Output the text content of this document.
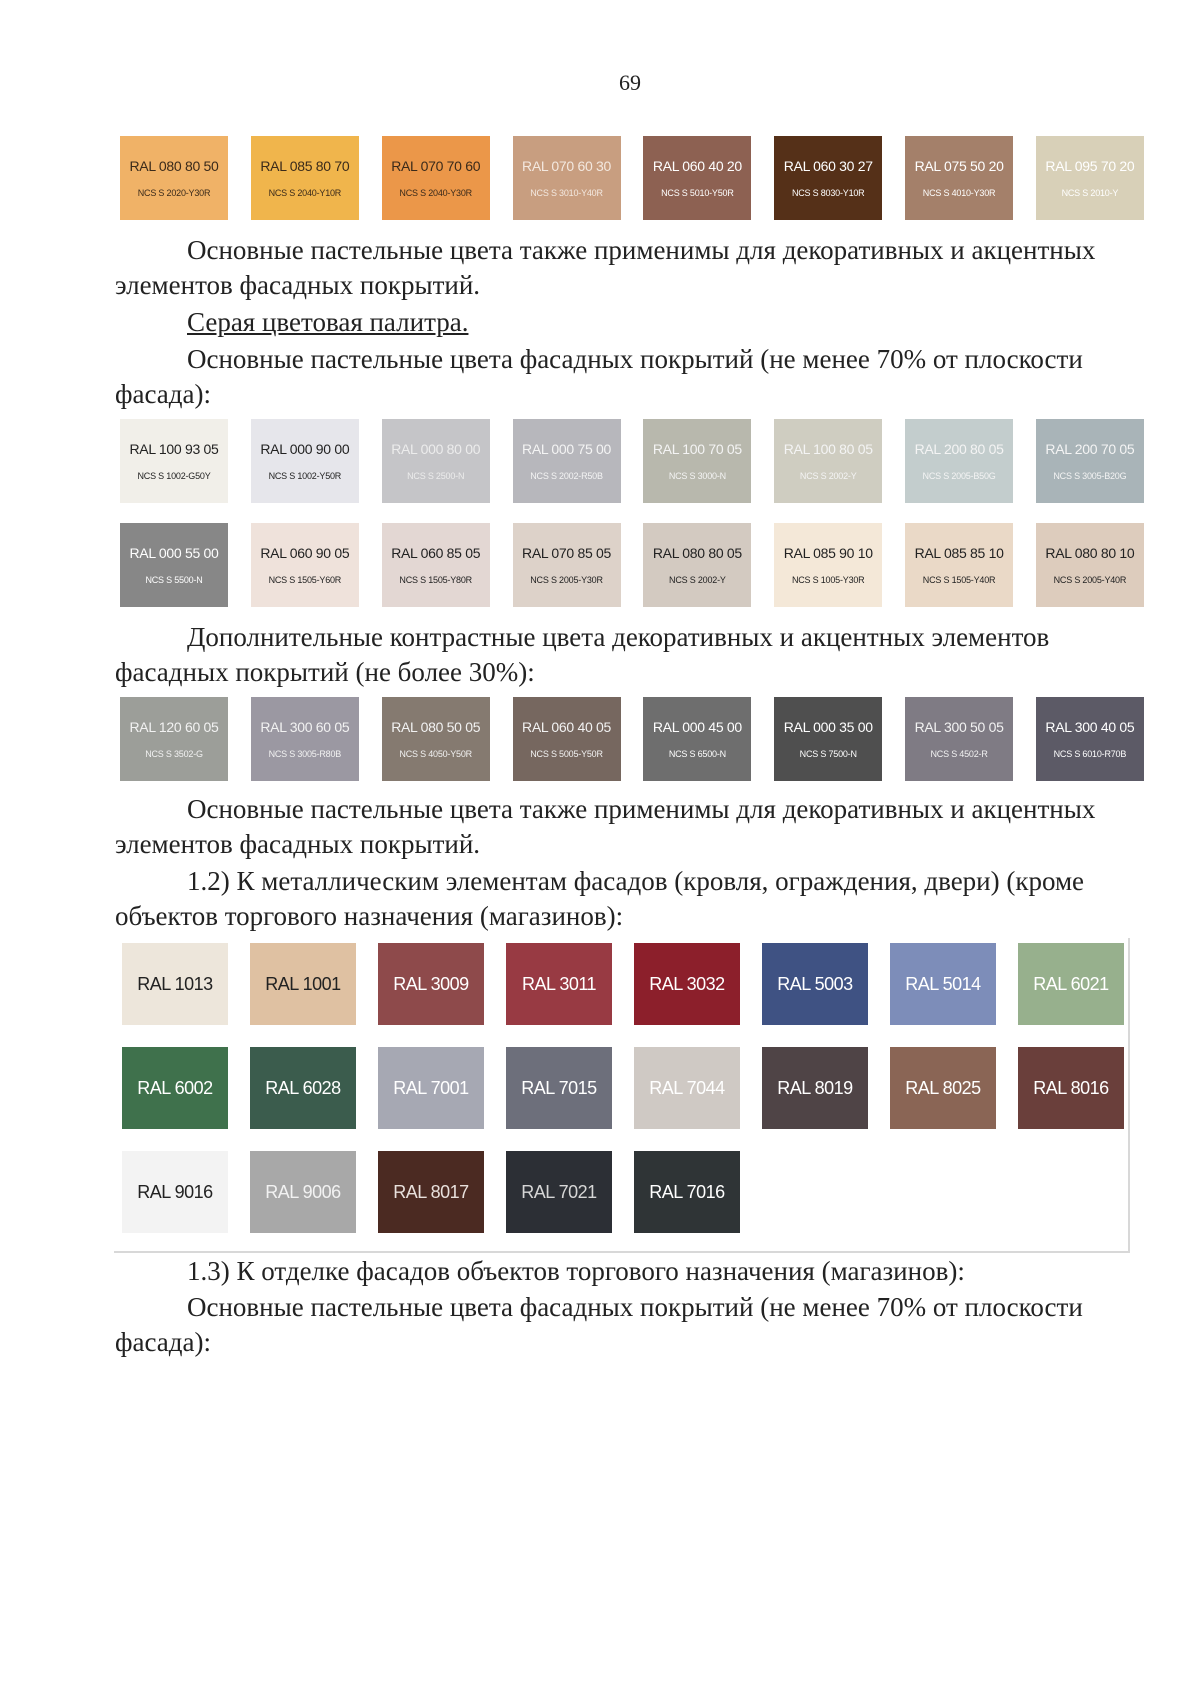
69
RAL 080 80 50
NCS S 2020-Y30R
RAL 085 80 70
NCS S 2040-Y10R
RAL 070 70 60
NCS S 2040-Y30R
RAL 070 60 30
NCS S 3010-Y40R
RAL 060 40 20
NCS S 5010-Y50R
RAL 060 30 27
NCS S 8030-Y10R
RAL 075 50 20
NCS S 4010-Y30R
RAL 095 70 20
NCS S 2010-Y

Основные пастельные цвета также применимы для декоративных и акцентных элементов фасадных покрытий.

Серая цветовая палитра.

Основные пастельные цвета фасадных покрытий (не менее 70% от плоскости фасада):

RAL 100 93 05
NCS S 1002-G50Y
RAL 000 90 00
NCS S 1002-Y50R
RAL 000 80 00
NCS S 2500-N
RAL 000 75 00
NCS S 2002-R50B
RAL 100 70 05
NCS S 3000-N
RAL 100 80 05
NCS S 2002-Y
RAL 200 80 05
NCS S 2005-B50G
RAL 200 70 05
NCS S 3005-B20G
RAL 000 55 00
NCS S 5500-N
RAL 060 90 05
NCS S 1505-Y60R
RAL 060 85 05
NCS S 1505-Y80R
RAL 070 85 05
NCS S 2005-Y30R
RAL 080 80 05
NCS S 2002-Y
RAL 085 90 10
NCS S 1005-Y30R
RAL 085 85 10
NCS S 1505-Y40R
RAL 080 80 10
NCS S 2005-Y40R

Дополнительные контрастные цвета декоративных и акцентных элементов фасадных покрытий (не более 30%):

RAL 120 60 05
NCS S 3502-G
RAL 300 60 05
NCS S 3005-R80B
RAL 080 50 05
NCS S 4050-Y50R
RAL 060 40 05
NCS S 5005-Y50R
RAL 000 45 00
NCS S 6500-N
RAL 000 35 00
NCS S 7500-N
RAL 300 50 05
NCS S 4502-R
RAL 300 40 05
NCS S 6010-R70B

Основные пастельные цвета также применимы для декоративных и акцентных элементов фасадных покрытий.

1.2) К металлическим элементам фасадов (кровля, ограждения, двери) (кроме объектов торгового назначения (магазинов):

RAL 1013	RAL 1001	RAL 3009	RAL 3011	RAL 3032	RAL 5003	RAL 5014	RAL 6021
RAL 6002	RAL 6028	RAL 7001	RAL 7015	RAL 7044	RAL 8019	RAL 8025	RAL 8016
RAL 9016	RAL 9006	RAL 8017	RAL 7021	RAL 7016

1.3) К отделке фасадов объектов торгового назначения (магазинов):

Основные пастельные цвета фасадных покрытий (не менее 70% от плоскости фасада):
